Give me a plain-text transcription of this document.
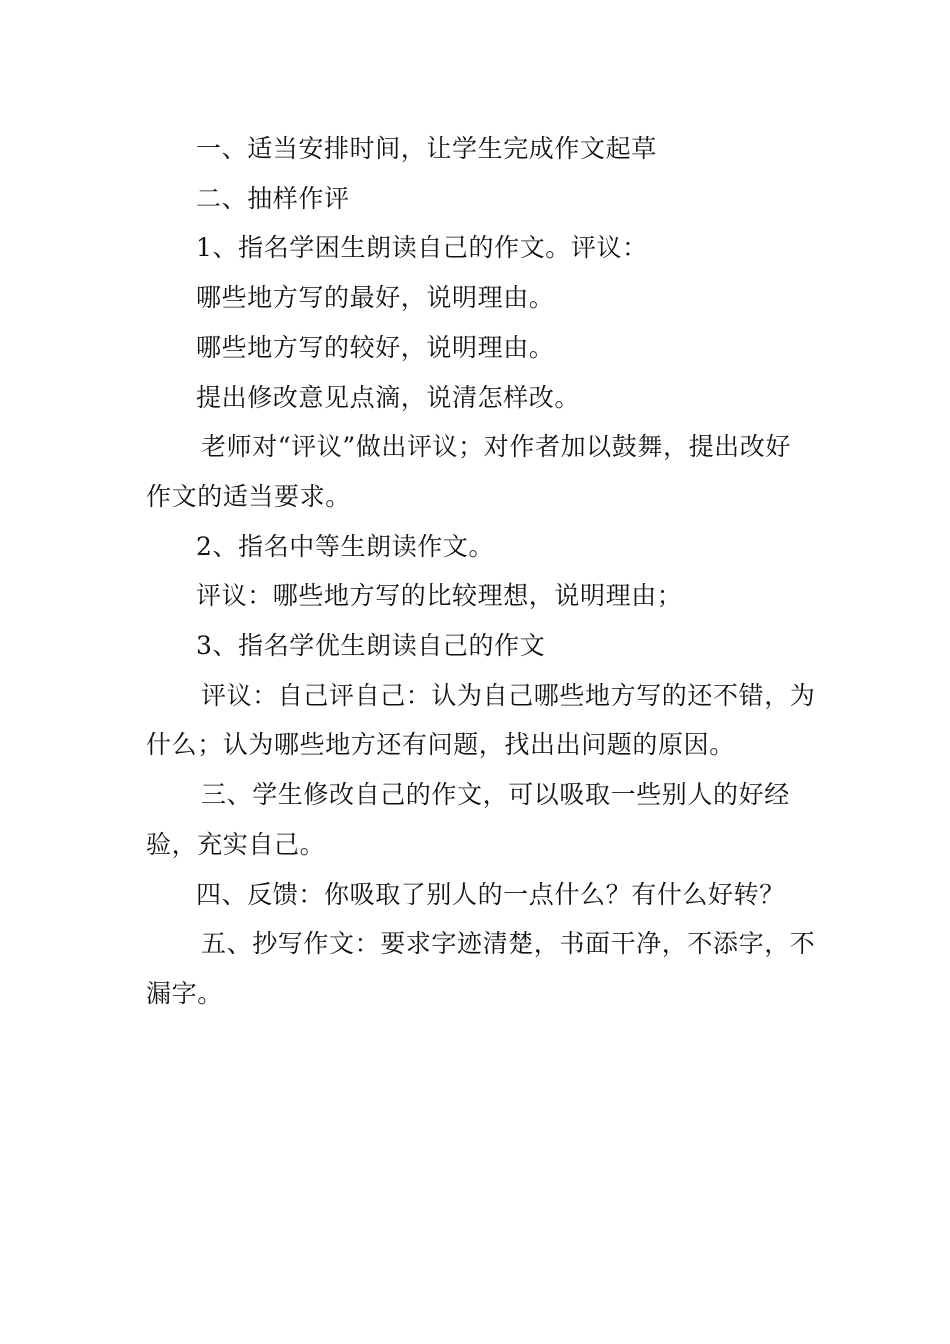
一、适当安排时间，让学生完成作文起草

二、抽样作评

1、指名学困生朗读自己的作文。评议：

哪些地方写的最好，说明理由。

哪些地方写的较好，说明理由。

提出修改意见点滴，说清怎样改。

老师对“评议”做出评议；对作者加以鼓舞，提出改好作文的适当要求。

2、指名中等生朗读作文。

评议：哪些地方写的比较理想，说明理由；

3、指名学优生朗读自己的作文

评议：自己评自己：认为自己哪些地方写的还不错，为什么；认为哪些地方还有问题，找出出问题的原因。

三、学生修改自己的作文，可以吸取一些别人的好经验，充实自己。

四、反馈：你吸取了别人的一点什么？有什么好转？

五、抄写作文：要求字迹清楚，书面干净，不添字，不漏字。
